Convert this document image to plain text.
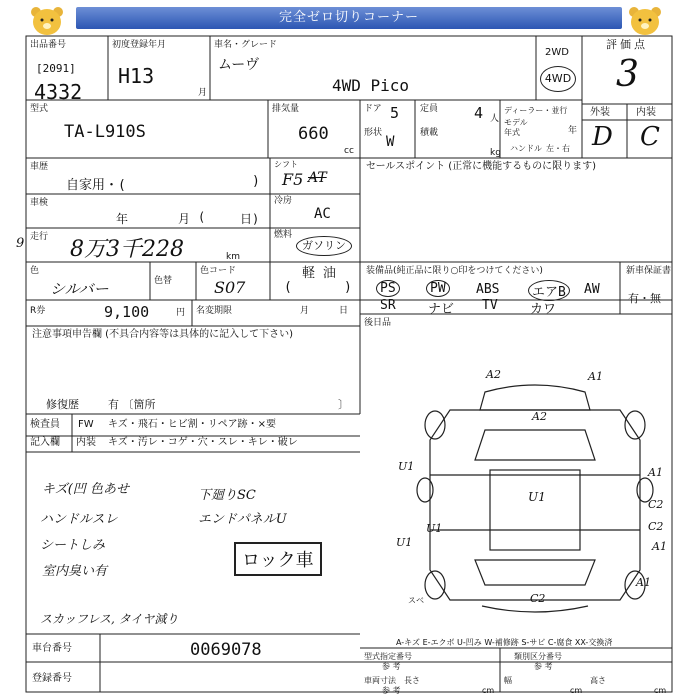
完全ゼロ切りコーナー
出品番号
[2091]
4332
初度登録年月
H13
月
車名・グレード
ムーヴ
4WD Pico
2WD
4WD
評価点
3
外装	内装
D C
型式
TA-L910S
排気量
660
cc
ドア 5 定員 4 人
形状
W
積載
kg
ディーラー・並行
モデル年式	年
ハンドル 左・右
車歴
自家用・(	)
シフト
F5 AT
セールスポイント (正常に機能するものに限ります)
車検
年	月 (	日)
冷房
AC
走行
9 8万3千228	km
燃料
ガソリン
軽 油
(	)
色
シルバー	色替
色コード
S07
装備品(純正品に限り○印をつけてください)	新車保証書
有・無
PS	PW	ABS	エアB	AW
SR ナビ TV カワ
後日品
R券	9,100	円 名変期限	月日
注意事項申告欄 (不具合内容等は具体的に記入して下さい)
修復歴	有 〔箇所	〕
検査員 FW キズ・飛石・ヒビ割・リペア跡・×要
記入欄 内装 キズ・汚レ・コゲ・穴・スレ・キレ・破レ
キズ(凹 色あせ
ハンドルスレ
シートしみ
室内臭い有
下廻りSC
エンドパネルU
スカッフレス, タイヤ減り
ロック車
A2	A1
A2
U1	A1
U1
C2
U1	C2
U1	A1
C2
A1
スベ
車台番号	0069078
登録番号
A-キズ E-エクボ U-凹み W-補修跡 S-サビ C-腐食 XX-交換済
型式指定番号
参 考
類別区分番号
参 考
車両寸法
参 考
長さ
cm
幅
cm
高さ
cm
